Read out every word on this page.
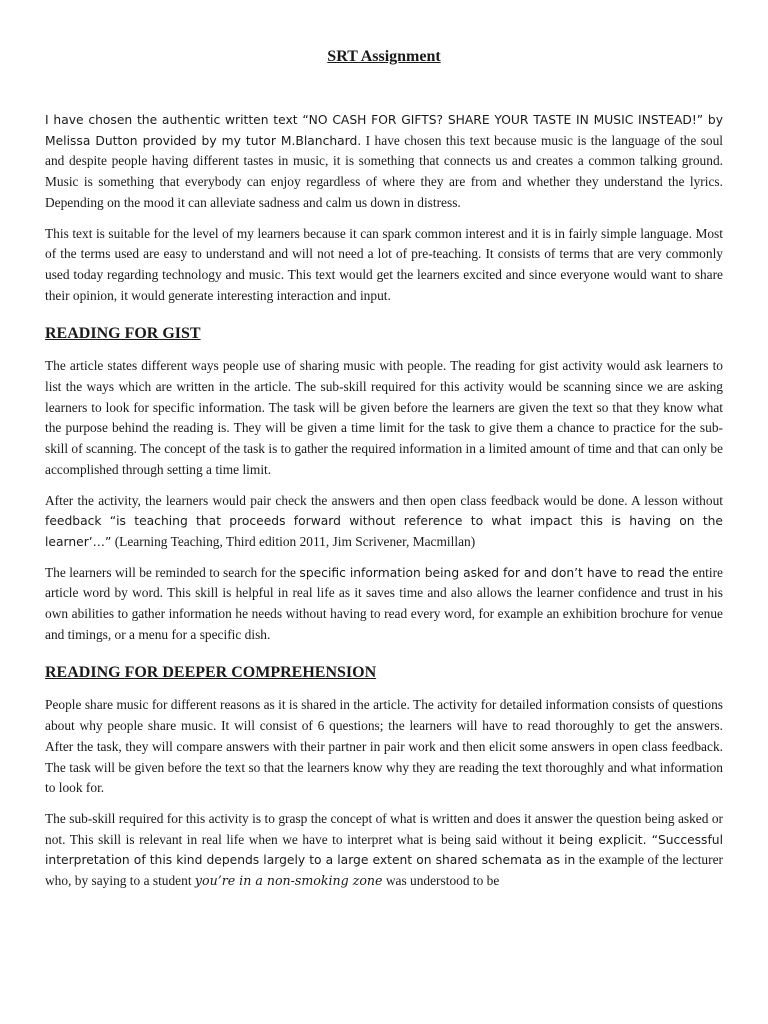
SRT Assignment

I have chosen the authentic written text “NO CASH FOR GIFTS? SHARE YOUR TASTE IN MUSIC INSTEAD!” by Melissa Dutton provided by my tutor M.Blanchard. I have chosen this text because music is the language of the soul and despite people having different tastes in music, it is something that connects us and creates a common talking ground. Music is something that everybody can enjoy regardless of where they are from and whether they understand the lyrics. Depending on the mood it can alleviate sadness and calm us down in distress.

This text is suitable for the level of my learners because it can spark common interest and it is in fairly simple language. Most of the terms used are easy to understand and will not need a lot of pre-teaching. It consists of terms that are very commonly used today regarding technology and music. This text would get the learners excited and since everyone would want to share their opinion, it would generate interesting interaction and input.

READING FOR GIST

The article states different ways people use of sharing music with people. The reading for gist activity would ask learners to list the ways which are written in the article. The sub-skill required for this activity would be scanning since we are asking learners to look for specific information. The task will be given before the learners are given the text so that they know what the purpose behind the reading is. They will be given a time limit for the task to give them a chance to practice for the sub-skill of scanning. The concept of the task is to gather the required information in a limited amount of time and that can only be accomplished through setting a time limit.

After the activity, the learners would pair check the answers and then open class feedback would be done. A lesson without feedback “is teaching that proceeds forward without reference to what impact this is having on the learner’…” (Learning Teaching, Third edition 2011, Jim Scrivener, Macmillan)

The learners will be reminded to search for the specific information being asked for and don’t have to read the entire article word by word. This skill is helpful in real life as it saves time and also allows the learner confidence and trust in his own abilities to gather information he needs without having to read every word, for example an exhibition brochure for venue and timings, or a menu for a specific dish.

READING FOR DEEPER COMPREHENSION

People share music for different reasons as it is shared in the article. The activity for detailed information consists of questions about why people share music. It will consist of 6 questions; the learners will have to read thoroughly to get the answers. After the task, they will compare answers with their partner in pair work and then elicit some answers in open class feedback. The task will be given before the text so that the learners know why they are reading the text thoroughly and what information to look for.

The sub-skill required for this activity is to grasp the concept of what is written and does it answer the question being asked or not. This skill is relevant in real life when we have to interpret what is being said without it being explicit. “Successful interpretation of this kind depends largely to a large extent on shared schemata as in the example of the lecturer who, by saying to a student you’re in a non-smoking zone was understood to be
